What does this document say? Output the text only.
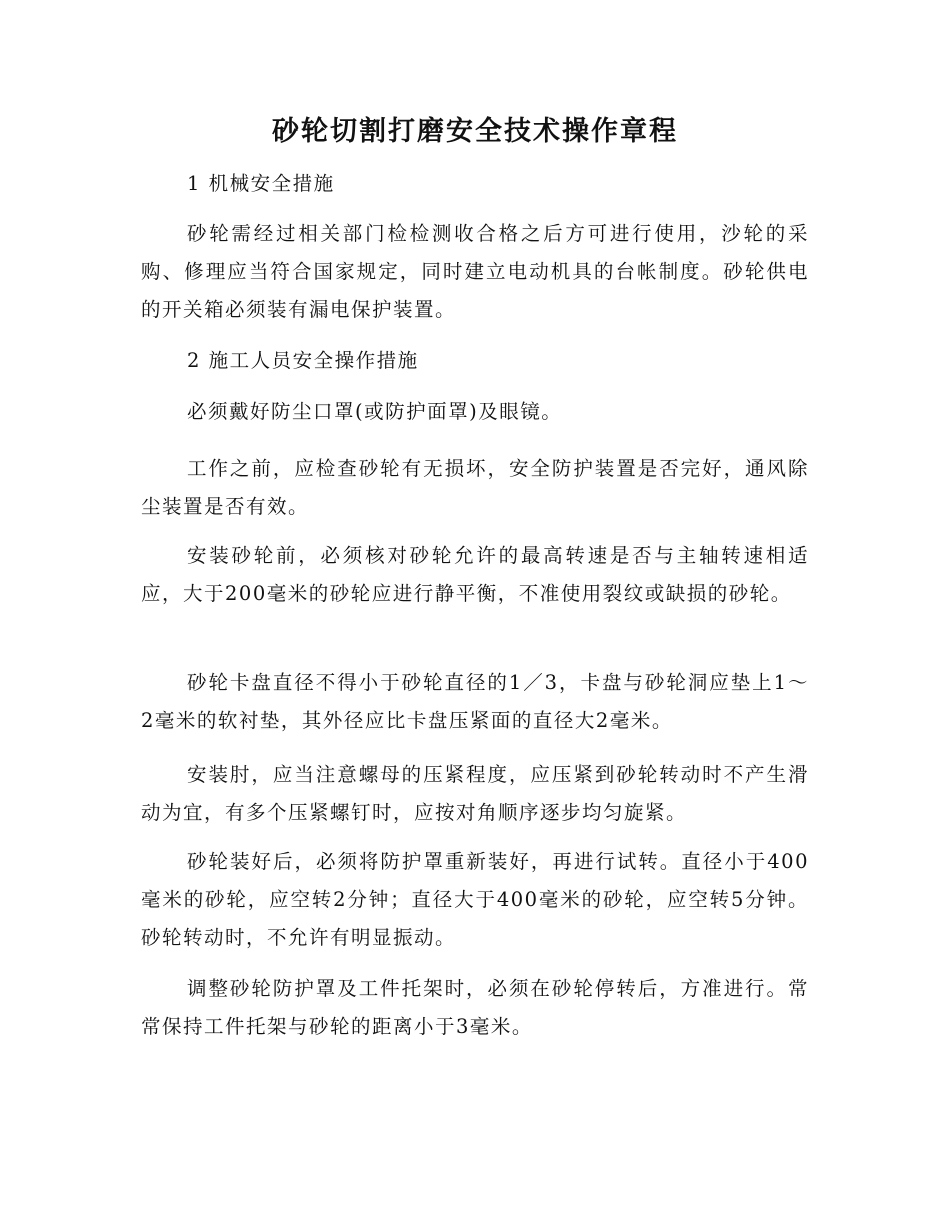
砂轮切割打磨安全技术操作章程

1 机械安全措施

砂轮需经过相关部门检检测收合格之后方可进行使用，沙轮的采购、修理应当符合国家规定，同时建立电动机具的台帐制度。砂轮供电的开关箱必须装有漏电保护装置。

2 施工人员安全操作措施

必须戴好防尘口罩(或防护面罩)及眼镜。

工作之前，应检查砂轮有无损坏，安全防护装置是否完好，通风除尘装置是否有效。

安装砂轮前，必须核对砂轮允许的最高转速是否与主轴转速相适应，大于200毫米的砂轮应进行静平衡，不准使用裂纹或缺损的砂轮。

砂轮卡盘直径不得小于砂轮直径的1／3，卡盘与砂轮洞应垫上1～2毫米的软衬垫，其外径应比卡盘压紧面的直径大2毫米。

安装肘，应当注意螺母的压紧程度，应压紧到砂轮转动时不产生滑动为宜，有多个压紧螺钉时，应按对角顺序逐步均匀旋紧。

砂轮装好后，必须将防护罩重新装好，再进行试转。直径小于400毫米的砂轮，应空转2分钟；直径大于400毫米的砂轮，应空转5分钟。砂轮转动时，不允许有明显振动。

调整砂轮防护罩及工件托架时，必须在砂轮停转后，方准进行。常常保持工件托架与砂轮的距离小于3毫米。
